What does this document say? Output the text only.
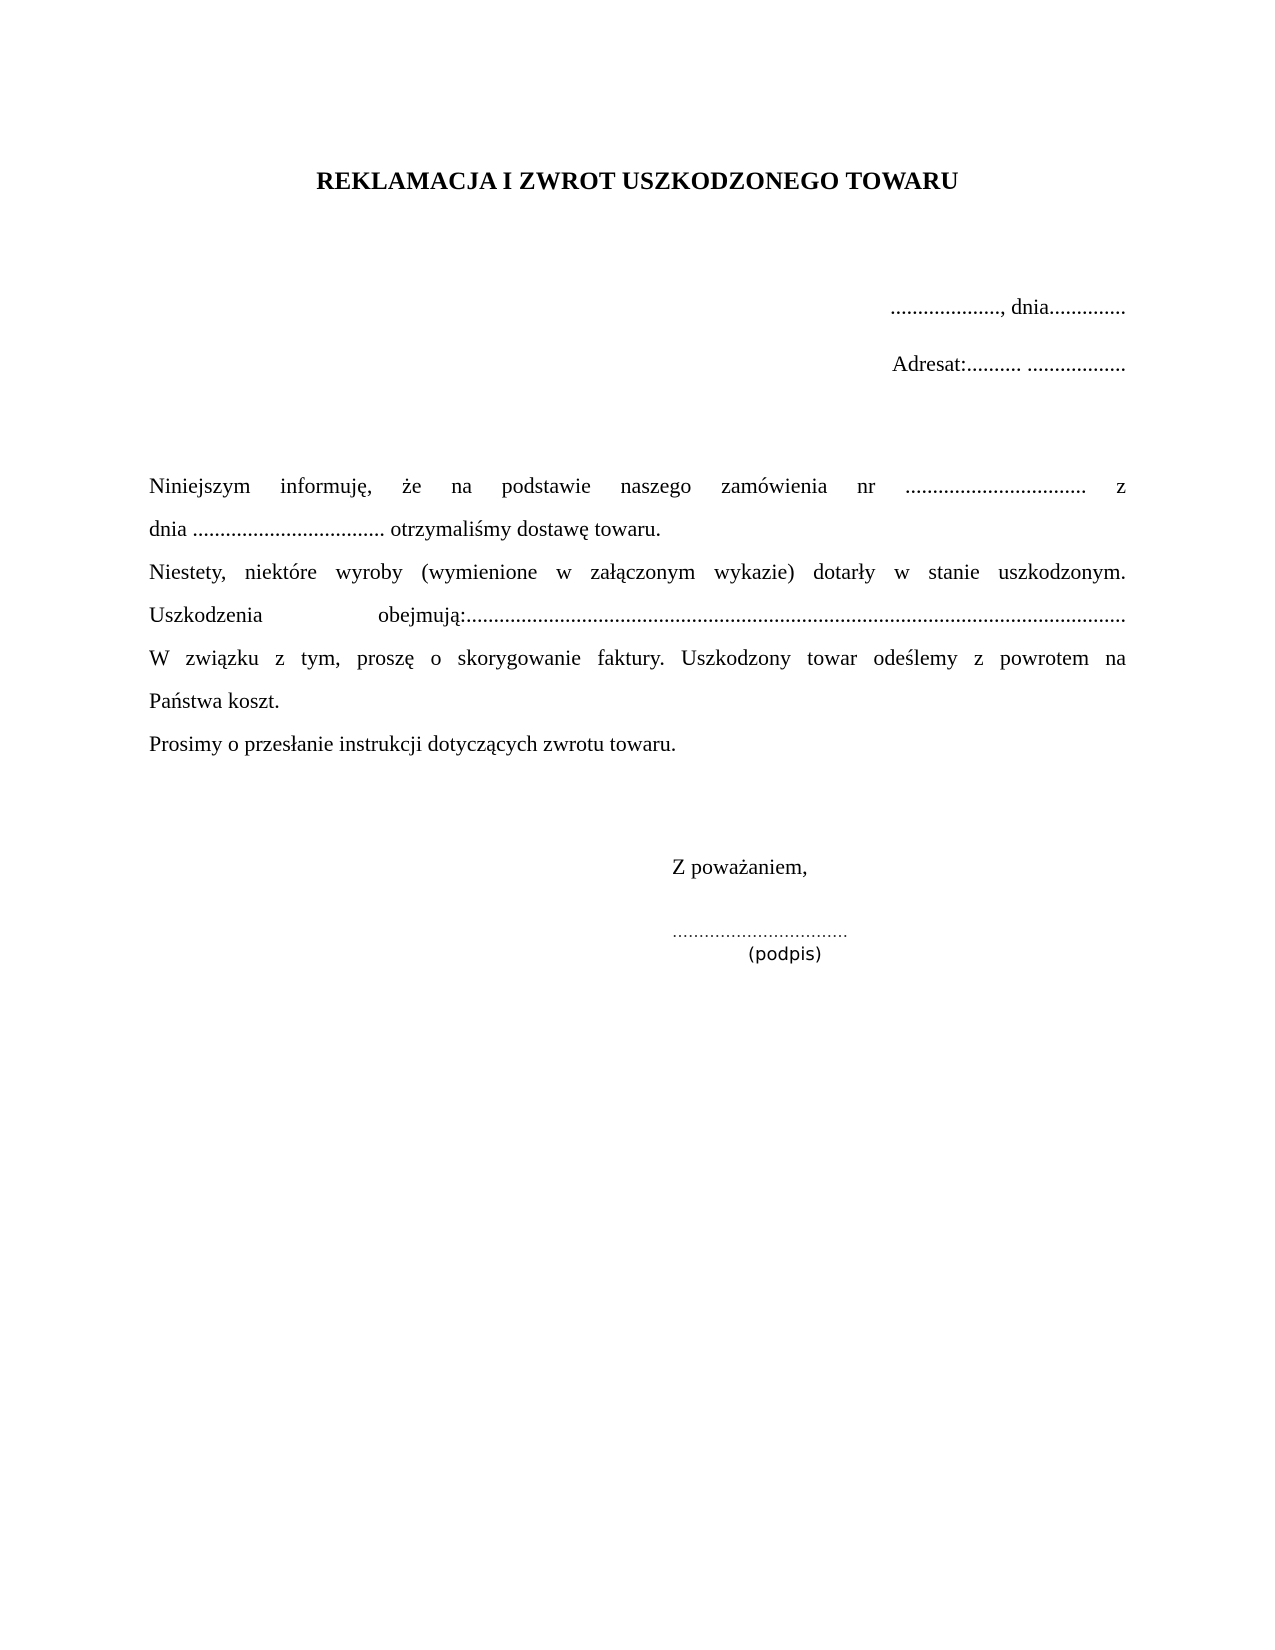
REKLAMACJA I ZWROT USZKODZONEGO TOWARU
...................., dnia..............
Adresat:.......... ..................
Niniejszym informuję, że na podstawie naszego zamówienia nr ................................. z
dnia ................................... otrzymaliśmy dostawę towaru.
Niestety, niektóre wyroby (wymienione w załączonym wykazie) dotarły w stanie uszkodzonym.
Uszkodzenia obejmują:........................................................................................................................
W związku z tym, proszę o skorygowanie faktury. Uszkodzony towar odeślemy z powrotem na
Państwa koszt.
Prosimy o przesłanie instrukcji dotyczących zwrotu towaru.
Z poważaniem,
……………………………
(podpis)
